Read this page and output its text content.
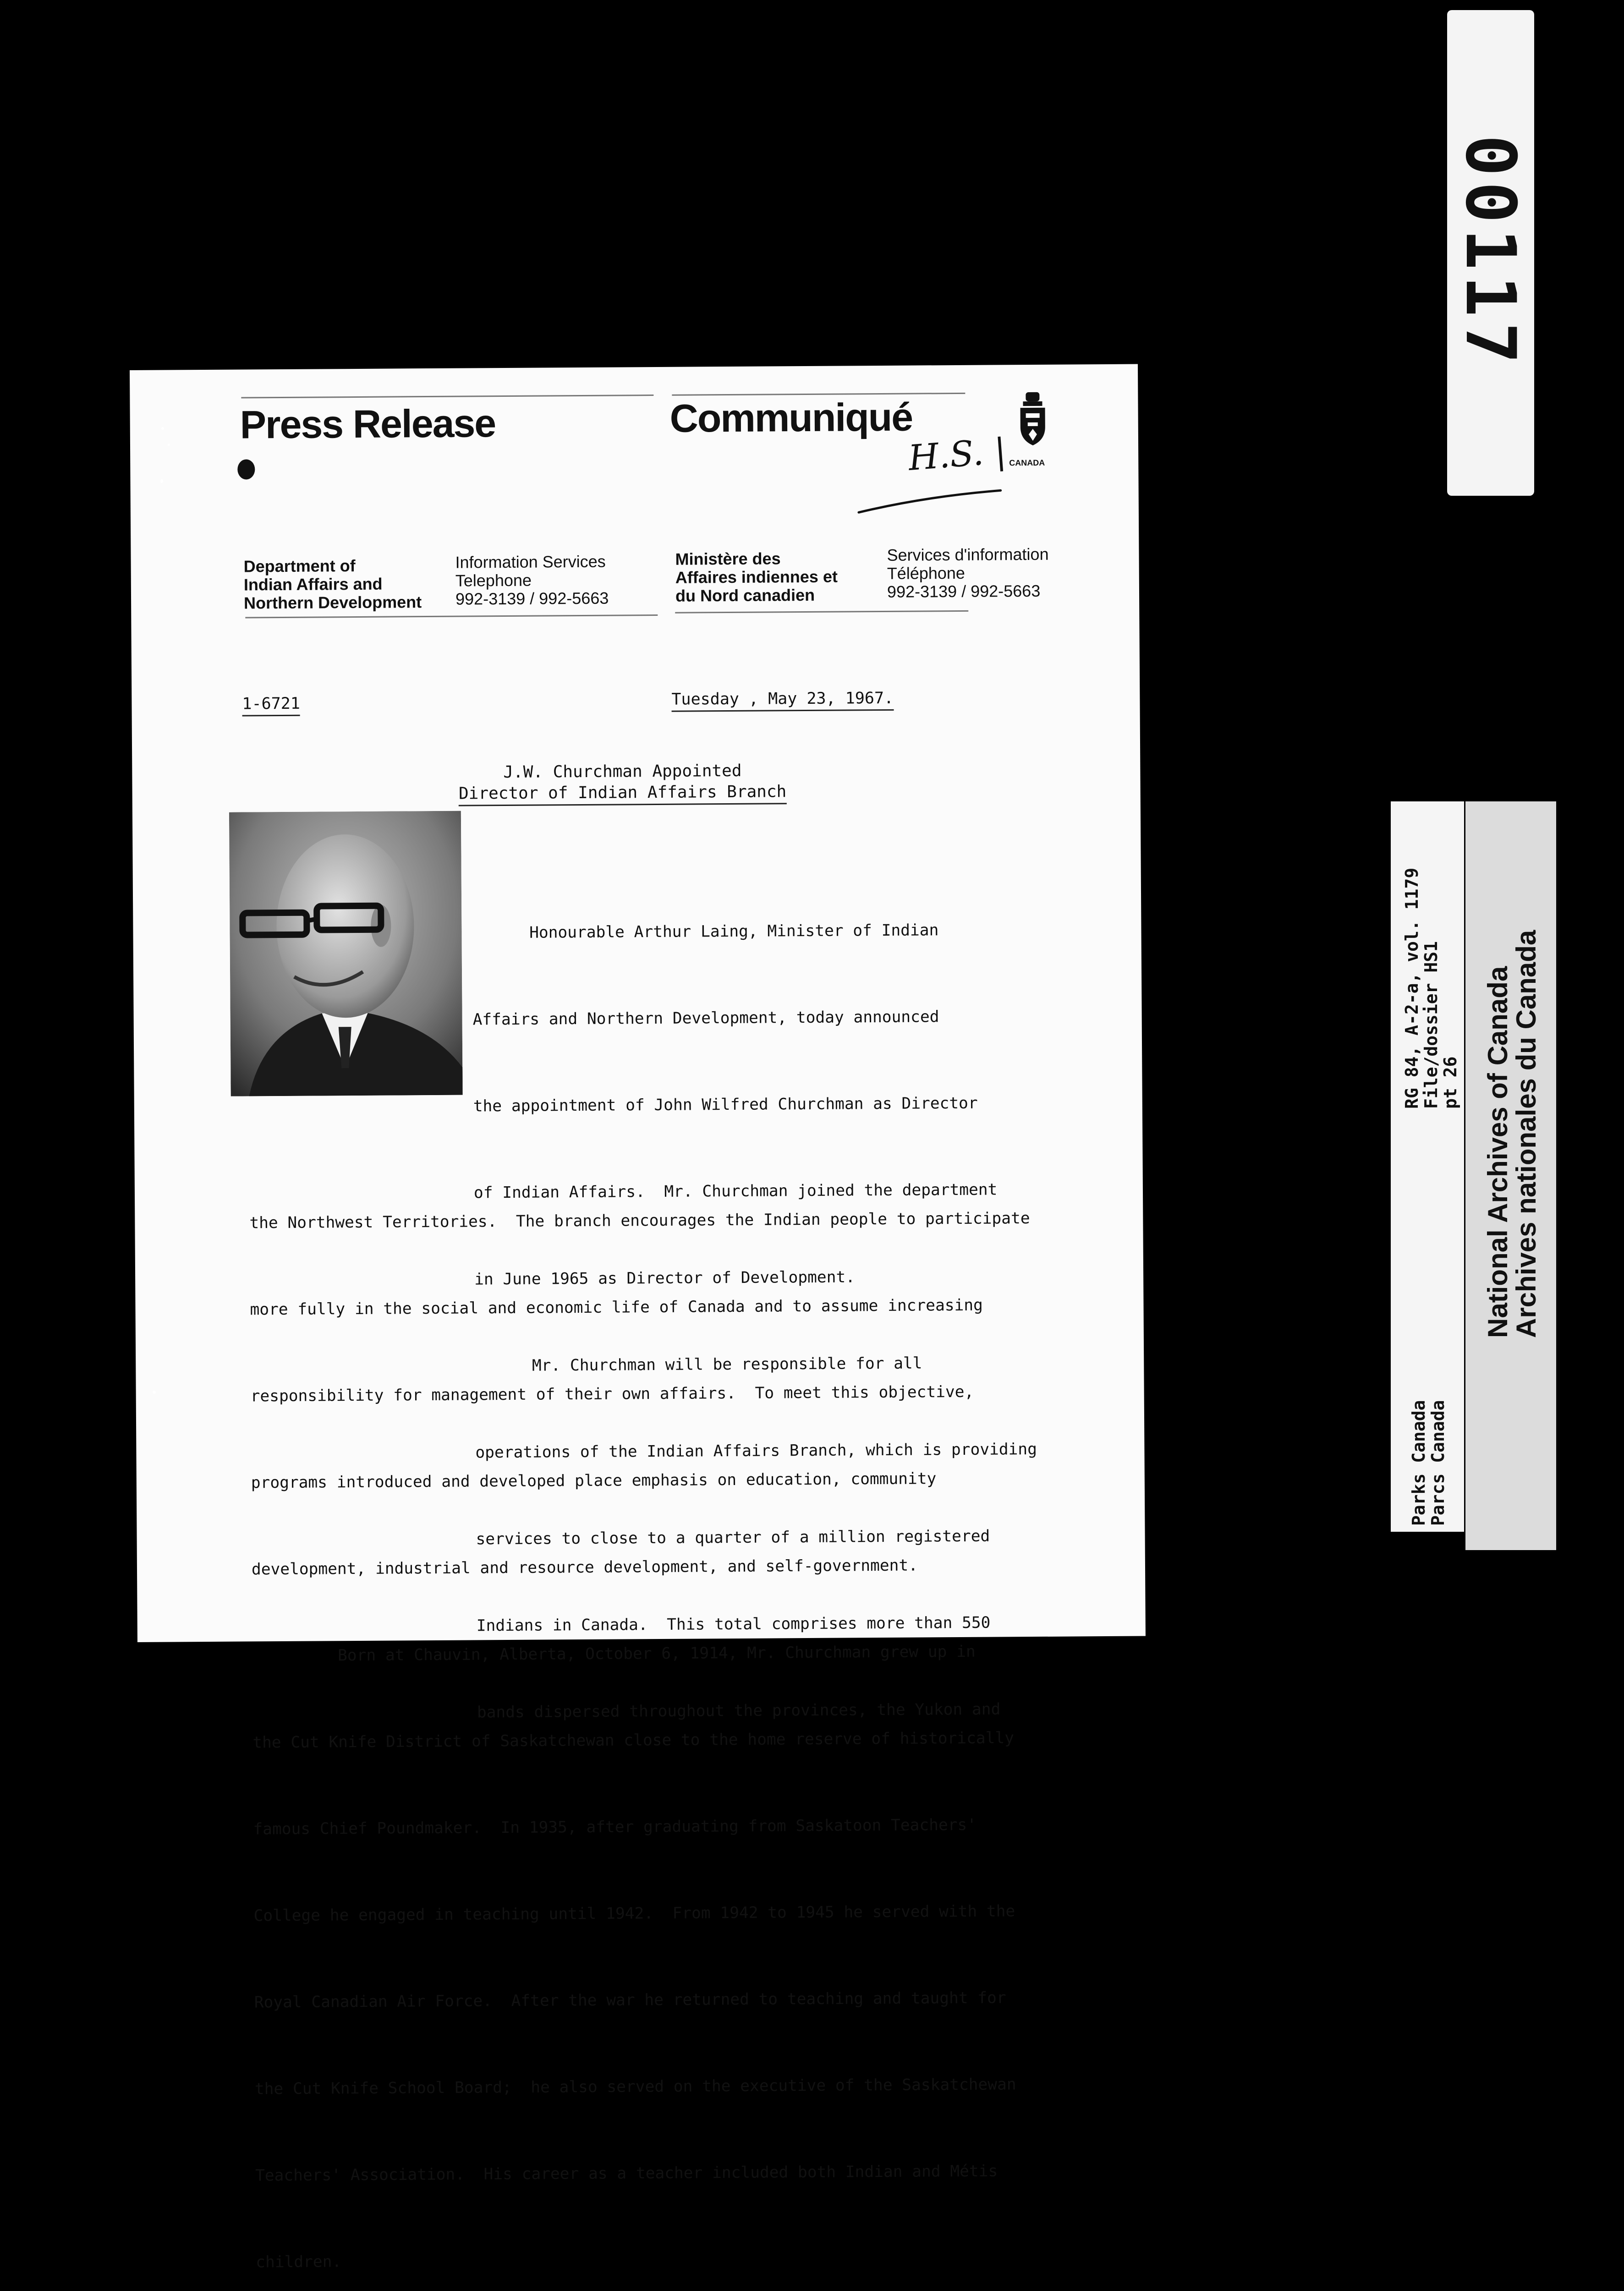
Press Release	Communiqué
CANADA
H.S. |
Department of
Indian Affairs and
Northern Development
Information Services
Telephone
992-3139 / 992-5663
Ministère des
Affaires indiennes et
du Nord canadien
Services d'information
Téléphone
992-3139 / 992-5663
1-6721	Tuesday , May 23, 1967.
J.W. Churchman Appointed
Director of Indian Affairs Branch

Honourable Arthur Laing, Minister of Indian

Affairs and Northern Development, today announced

the appointment of John Wilfred Churchman as Director

of Indian Affairs.  Mr. Churchman joined the department

in June 1965 as Director of Development.

Mr. Churchman will be responsible for all

operations of the Indian Affairs Branch, which is providing

services to close to a quarter of a million registered

Indians in Canada.  This total comprises more than 550

bands dispersed throughout the provinces, the Yukon and

the Northwest Territories.  The branch encourages the Indian people to participate

more fully in the social and economic life of Canada and to assume increasing

responsibility for management of their own affairs.  To meet this objective,

programs introduced and developed place emphasis on education, community

development, industrial and resource development, and self-government.

Born at Chauvin, Alberta, October 6, 1914, Mr. Churchman grew up in

the Cut Knife District of Saskatchewan close to the home reserve of historically

famous Chief Poundmaker.  In 1935, after graduating from Saskatoon Teachers'

College he engaged in teaching until 1942.  From 1942 to 1945 he served with the

Royal Canadian Air Force.  After the war he returned to teaching and taught for

the Cut Knife School Board;  he also served on the executive of the Saskatchewan

Teachers' Association.  His career as a teacher included both Indian and Métis

children.

00117
RG 84, A-2-a, vol. 1179
File/dossier HS1
pt 26
Parks Canada
Parcs Canada
National Archives of Canada
Archives nationales du Canada
